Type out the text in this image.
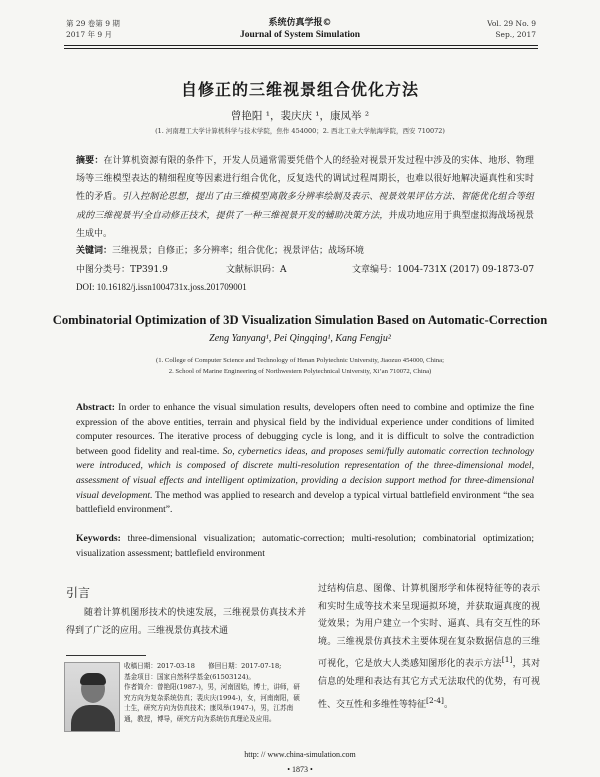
第 29 卷第 9 期
2017 年 9 月
系统仿真学报©
Journal of System Simulation
Vol. 29 No. 9
Sep., 2017
自修正的三维视景组合优化方法
曾艳阳 ¹，裴庆庆 ¹，康凤举 ²
(1. 河南理工大学计算机科学与技术学院，焦作 454000；2. 西北工业大学航海学院，西安 710072)
摘要：在计算机资源有限的条件下，开发人员通常需要凭借个人的经验对视景开发过程中涉及的实体、地形、物理场等三维模型表达的精细程度等因素进行组合优化，反复迭代的调试过程周期长，也难以很好地解决逼真性和实时性的矛盾。引入控制论思想，提出了由三维模型离散多分辨率绘制及表示、视景效果评估方法、智能优化组合等组成的三维视景半/全自动修正技术，提供了一种三维视景开发的辅助决策方法，并成功地应用于典型虚拟海战场视景生成中。
关键词：三维视景；自修正；多分辨率；组合优化；视景评估；战场环境
中图分类号：TP391.9	文献标识码：A	文章编号：1004-731X (2017) 09-1873-07
DOI: 10.16182/j.issn1004731x.joss.201709001
Combinatorial Optimization of 3D Visualization Simulation Based on Automatic-Correction
Zeng Yanyang¹, Pei Qingqing¹, Kang Fengju²
(1. College of Computer Science and Technology of Henan Polytechnic University, Jiaozuo 454000, China;
2. School of Marine Engineering of Northwestern Polytechnical University, Xi’an 710072, China)
Abstract: In order to enhance the visual simulation results, developers often need to combine and optimize the fine expression of the above entities, terrain and physical field by the individual experience under conditions of limited computer resources. The iterative process of debugging cycle is long, and it is difficult to solve the contradiction between good fidelity and real-time. So, cybernetics ideas, and proposes semi/fully automatic correction technology were introduced, which is composed of discrete multi-resolution representation of the three-dimensional model, assessment of visual effects and intelligent optimization, providing a decision support method for three-dimensional visual development. The method was applied to research and develop a typical virtual battlefield environment “the sea battlefield environment”.
Keywords: three-dimensional visualization; automatic-correction; multi-resolution; combinatorial optimization; visualization assessment; battlefield environment
引言
随着计算机图形技术的快速发展，三维视景仿真技术并得到了广泛的应用。三维视景仿真技术通
过结构信息、图像、计算机图形学和体视特征等的表示和实时生成等技术来呈现逼拟环境，并获取逼真度的视觉效果；为用户建立一个实时、逼真、具有交互性的环境。三维视景仿真技术主要体现在复杂数据信息的三维可视化，它是放大人类感知图形化的表示方法[1]，其对信息的处理和表达有其它方式无法取代的优势，有可视性、交互性和多维性等特征[2-4]。

收稿日期：2017-03-18　　修回日期：2017-07-18;

基金项目：国家自然科学基金(61503124)。

作者简介：曾艳阳(1987-)，男，河南固始，博士，讲师，研究方向为复杂系统仿真；裴庆庆(1994-)，女，河南南阳，硕士生，研究方向为仿真技术；康凤举(1947-)，男，江苏南通，教授，博导，研究方向为系统仿真理论及应用。

http: // www.china-simulation.com
• 1873 •
